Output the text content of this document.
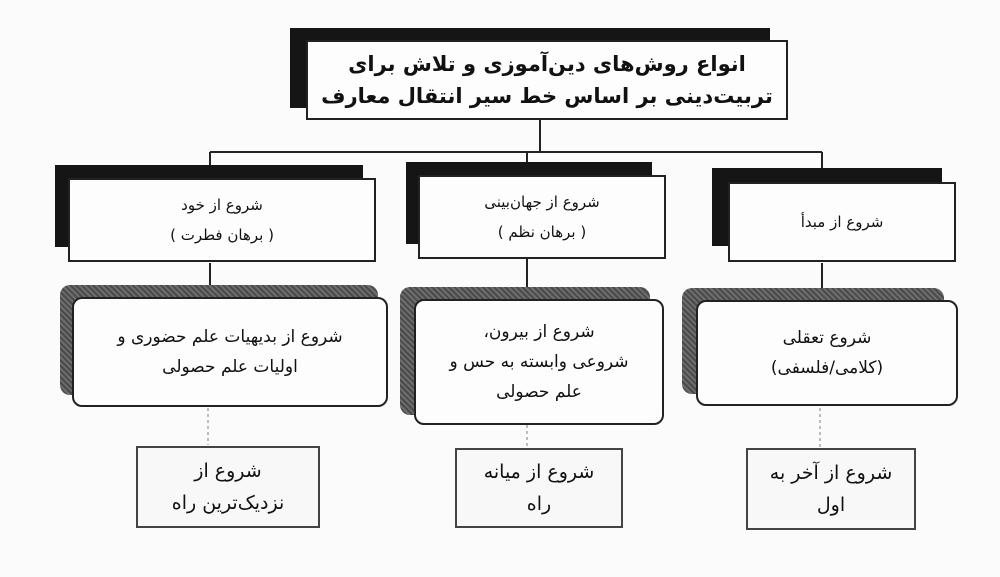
انواع روش‌های دین‌آموزی و تلاش برای
تربیت‌دینی بر اساس خط سیر انتقال معارف
شروع از خود
( برهان فطرت )
شروع از جهان‌بینی
( برهان نظم )
شروع از مبدأ
شروع از بدیهیات علم حضوری و
اولیات علم حصولی
شروع از بیرون،
شروعی وابسته به حس و
علم حصولی
شروع تعقلی
(کلامی/فلسفی)
شروع از
نزدیک‌ترین راه
شروع از میانه
راه
شروع از آخر به
اول
